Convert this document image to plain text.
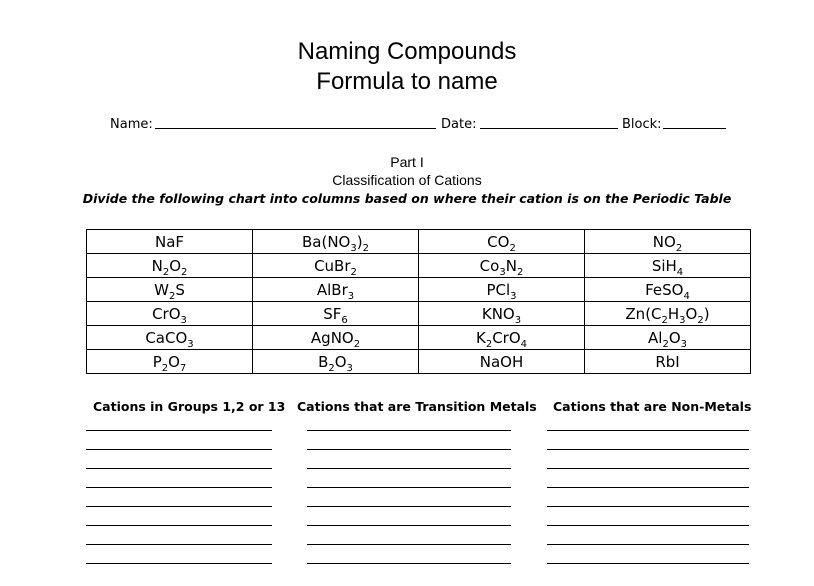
Naming Compounds
Formula to name
Name:	Date:	Block:
Part I
Classification of Cations
Divide the following chart into columns based on where their cation is on the Periodic Table
NaF	$Ba(NO_3)_2$	$CO_2$	$NO_2$
$N_2O_2$	CuBr$_2$	$Co_3N_2$	SiH$_4$
$W_2S$	AlBr$_3$	PCl$_3$	FeSO$_4$
CrO$_3$	$SF_6$	$KNO_3$	$Zn(C_2H_3O_2)$
CaCO$_3$	AgNO$_2$	$K_2CrO_4$	$Al_2O_3$
$P_2O_7$	$B_2O_3$	NaOH	RbI
Cations in Groups 1,2 or 13 Cations that are Transition Metals Cations that are Non-Metals
